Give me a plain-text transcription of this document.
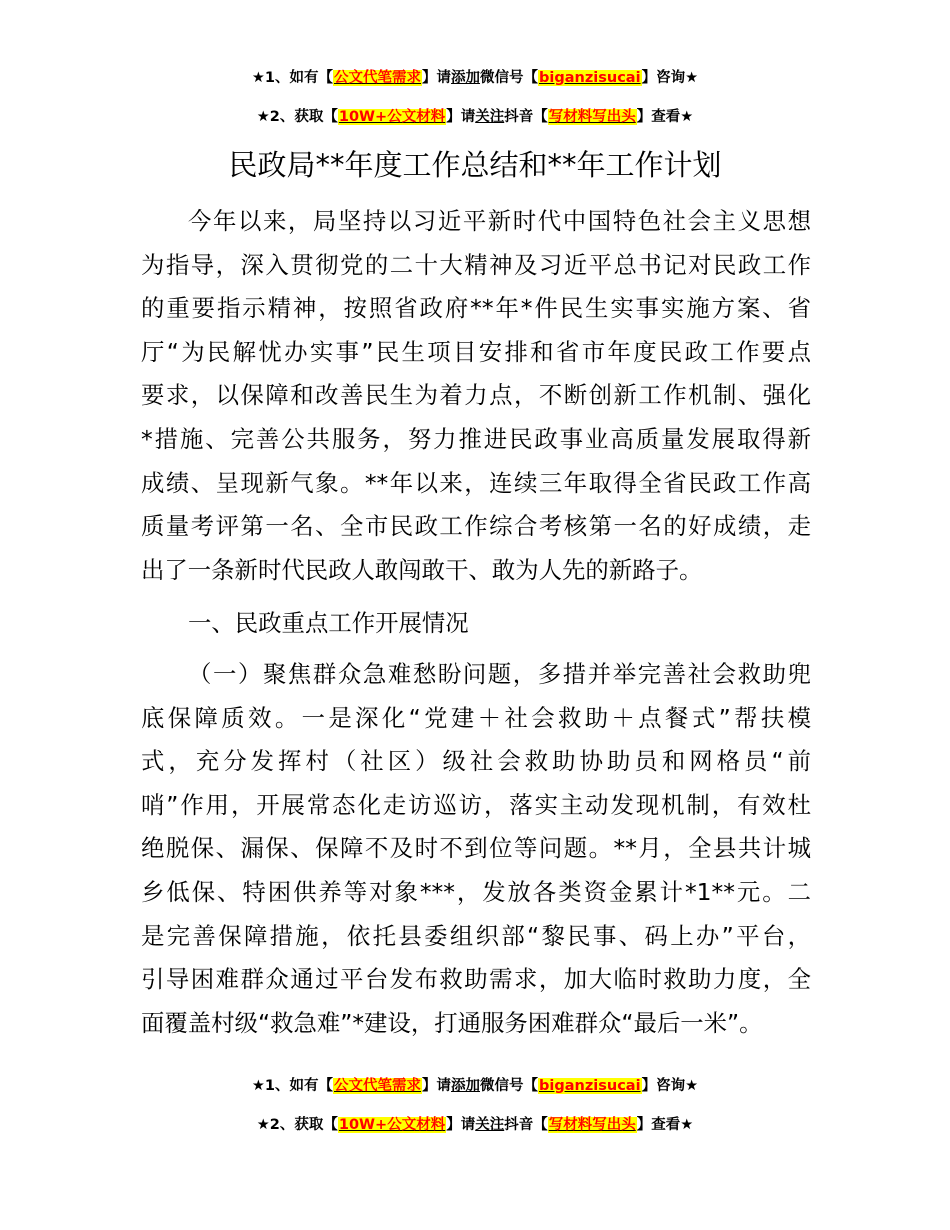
★1、如有【公文代笔需求】请添加微信号【biganzisucai】咨询★
★2、获取【10W+公文材料】请关注抖音【写材料写出头】查看★
民政局**年度工作总结和**年工作计划
今年以来，局坚持以习近平新时代中国特色社会主义思想
为指导，深入贯彻党的二十大精神及习近平总书记对民政工作
的重要指示精神，按照省政府**年*件民生实事实施方案、省
厅“为民解忧办实事”民生项目安排和省市年度民政工作要点
要求，以保障和改善民生为着力点，不断创新工作机制、强化
*措施、完善公共服务，努力推进民政事业高质量发展取得新
成绩、呈现新气象。**年以来，连续三年取得全省民政工作高
质量考评第一名、全市民政工作综合考核第一名的好成绩，走
出了一条新时代民政人敢闯敢干、敢为人先的新路子。
一、民政重点工作开展情况
（一）聚焦群众急难愁盼问题，多措并举完善社会救助兜
底保障质效。一是深化“党建＋社会救助＋点餐式”帮扶模
式，充分发挥村（社区）级社会救助协助员和网格员“前
哨”作用，开展常态化走访巡访，落实主动发现机制，有效杜
绝脱保、漏保、保障不及时不到位等问题。**月，全县共计城
乡低保、特困供养等对象***，发放各类资金累计*1**元。二
是完善保障措施，依托县委组织部“黎民事、码上办”平台，
引导困难群众通过平台发布救助需求，加大临时救助力度，全
面覆盖村级“救急难”*建设，打通服务困难群众“最后一米”。
★1、如有【公文代笔需求】请添加微信号【biganzisucai】咨询★
★2、获取【10W+公文材料】请关注抖音【写材料写出头】查看★
